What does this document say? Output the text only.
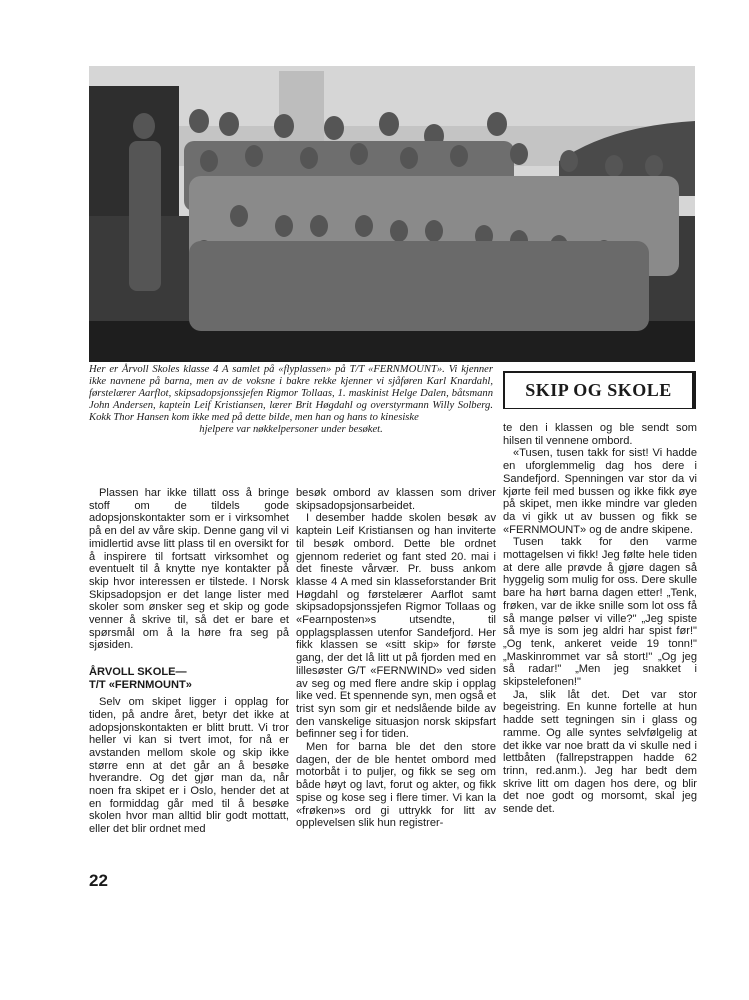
Her er Årvoll Skoles klasse 4 A samlet på «flyplassen» på T/T «FERNMOUNT». Vi kjenner ikke navnene på barna, men av de voksne i bakre rekke kjenner vi sjåføren Karl Knardahl, førstelærer Aarflot, skipsadopsjonssjefen Rigmor Tollaas, 1. maskinist Helge Dalen, båtsmann John Andersen, kaptein Leif Kristiansen, lærer Brit Høgdahl og overstyrmann Willy Solberg. Kokk Thor Hansen kom ikke med på dette bilde, men han og hans to kinesiske
hjelpere var nøkkelpersoner under besøket.

SKIP OG SKOLE

Plassen har ikke tillatt oss å bringe stoff om de tildels gode adopsjonskontakter som er i virksomhet på en del av våre skip. Denne gang vil vi imidlertid avse litt plass til en oversikt for å inspirere til fortsatt virksomhet og eventuelt til å knytte nye kontakter på skip hvor interessen er tilstede. I Norsk Skipsadopsjon er det lange lister med skoler som ønsker seg et skip og gode venner å skrive til, så det er bare et spørsmål om å la høre fra seg på sjøsiden.

ÅRVOLL SKOLE—
T/T «FERNMOUNT»

Selv om skipet ligger i opplag for tiden, på andre året, betyr det ikke at adopsjonskontakten er blitt brutt. Vi tror heller vi kan si tvert imot, for nå er avstanden mellom skole og skip ikke større enn at det går an å besøke hverandre. Og det gjør man da, når noen fra skipet er i Oslo, hender det at en formiddag går med til å besøke skolen hvor man alltid blir godt mottatt, eller det blir ordnet med

besøk ombord av klassen som driver skipsadopsjonsarbeidet.

I desember hadde skolen besøk av kaptein Leif Kristiansen og han inviterte til besøk ombord. Dette ble ordnet gjennom rederiet og fant sted 20. mai i det fineste vårvær. Pr. buss ankom klasse 4 A med sin klasseforstander Brit Høgdahl og førstelærer Aarflot samt skipsadopsjonssjefen Rigmor Tollaas og «Fearnposten»s utsendte, til opplagsplassen utenfor Sandefjord. Her fikk klassen se «sitt skip» for første gang, der det lå litt ut på fjorden med en lillesøster G/T «FERNWIND» ved siden av seg og med flere andre skip i opplag like ved. Et spennende syn, men også et trist syn som gir et nedslående bilde av den vanskelige situasjon norsk skipsfart befinner seg i for tiden.

Men for barna ble det den store dagen, der de ble hentet ombord med motorbåt i to puljer, og fikk se seg om både høyt og lavt, forut og akter, og fikk spise og kose seg i flere timer. Vi kan la «frøken»s ord gi uttrykk for litt av opplevelsen slik hun registrer-

te den i klassen og ble sendt som hilsen til vennene ombord.

«Tusen, tusen takk for sist! Vi hadde en uforglemmelig dag hos dere i Sandefjord. Spenningen var stor da vi kjørte feil med bussen og ikke fikk øye på skipet, men ikke mindre var gleden da vi gikk ut av bussen og fikk se «FERNMOUNT» og de andre skipene.

Tusen takk for den varme mottagelsen vi fikk! Jeg følte hele tiden at dere alle prøvde å gjøre dagen så hyggelig som mulig for oss. Dere skulle bare ha hørt barna dagen etter! „Tenk, frøken, var de ikke snille som lot oss få så mange pølser vi ville?" „Jeg spiste så mye is som jeg aldri har spist før!" „Og tenk, ankeret veide 19 tonn!" „Maskinrommet var så stort!" „Og jeg så radar!" „Men jeg snakket i skipstelefonen!"

Ja, slik låt det. Det var stor begeistring. En kunne fortelle at hun hadde sett tegningen sin i glass og ramme. Og alle syntes selvfølgelig at det ikke var noe bratt da vi skulle ned i lettbåten (fallrepstrappen hadde 62 trinn, red.anm.). Jeg har bedt dem skrive litt om dagen hos dere, og blir det noe godt og morsomt, skal jeg sende det.

22
